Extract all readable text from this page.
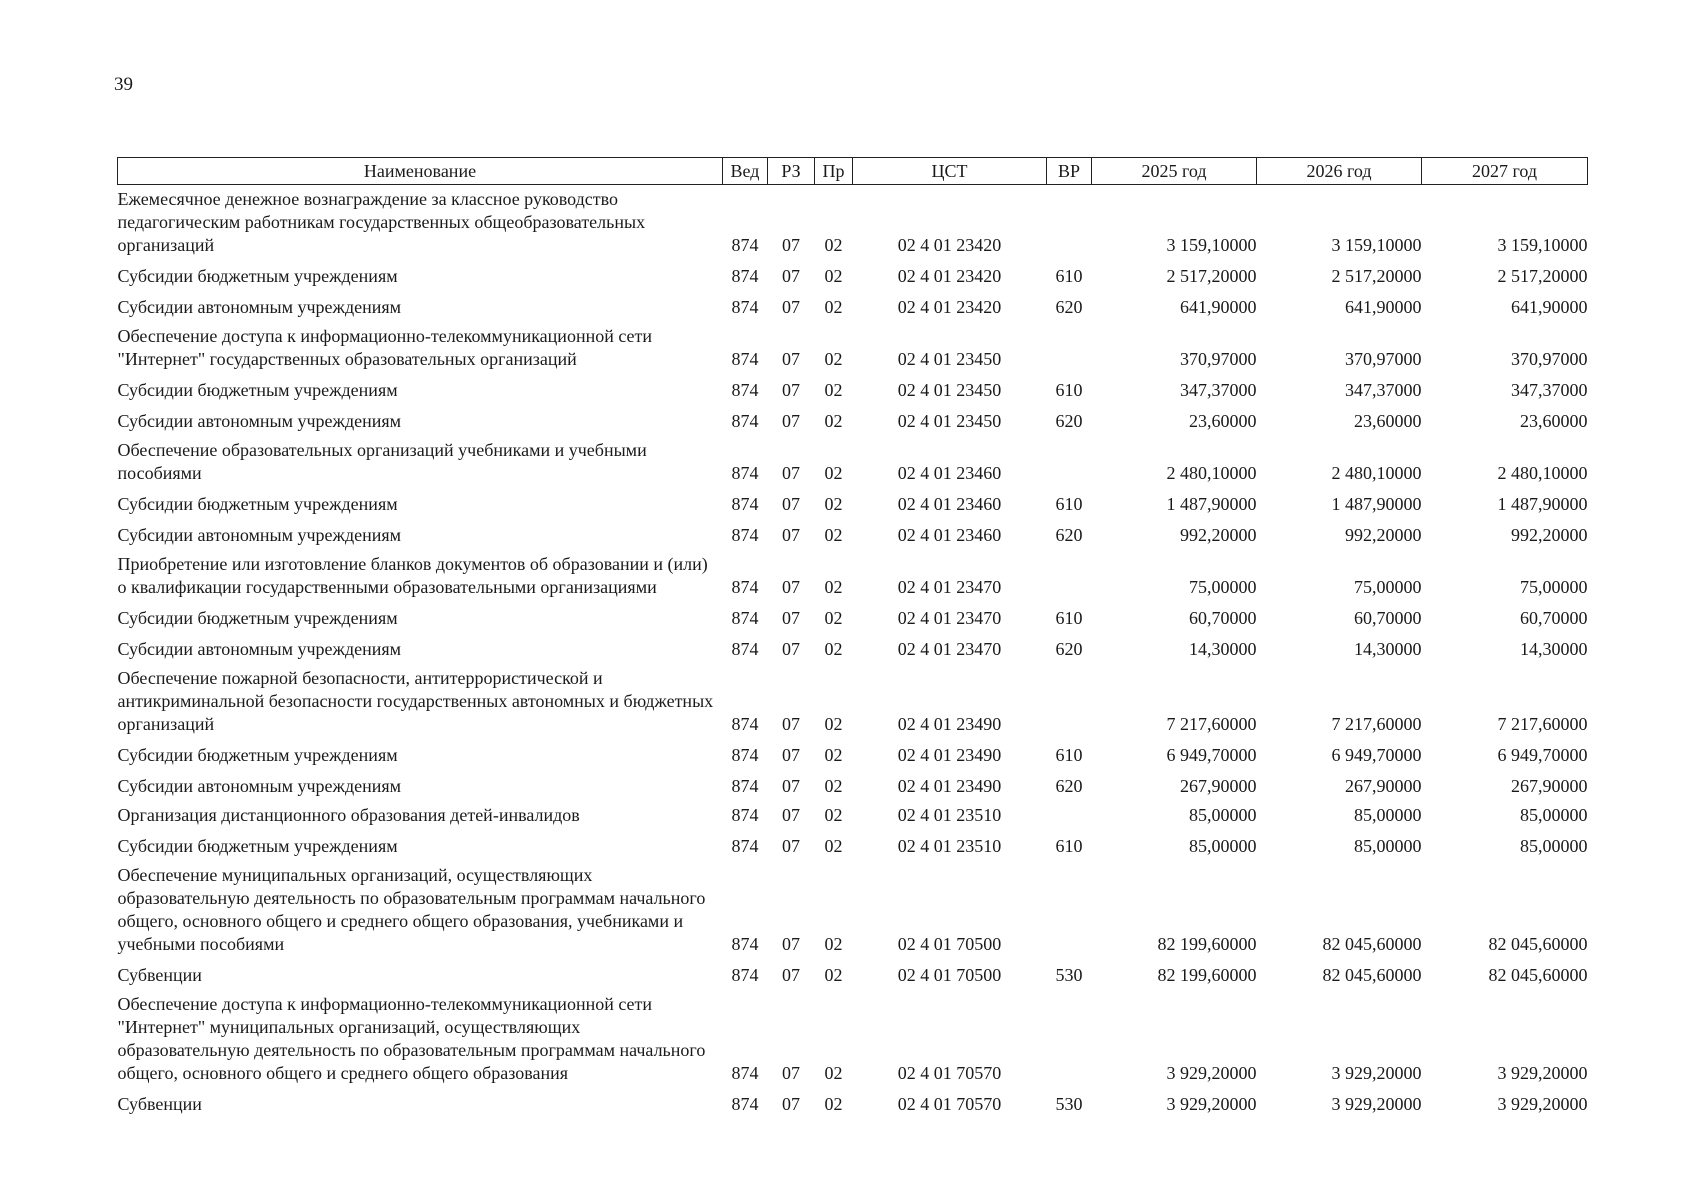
39
Наименование	Вед	РЗ	Пр	ЦСТ	ВР	2025 год	2026 год	2027 год
Ежемесячное денежное вознаграждение за классное руководство педагогическим работникам государственных общеобразовательных организаций	874	07	02	02 4 01 23420		3 159,10000	3 159,10000	3 159,10000
Субсидии бюджетным учреждениям	874	07	02	02 4 01 23420	610	2 517,20000	2 517,20000	2 517,20000
Субсидии автономным учреждениям	874	07	02	02 4 01 23420	620	641,90000	641,90000	641,90000
Обеспечение доступа к информационно-телекоммуникационной сети "Интернет" государственных образовательных организаций	874	07	02	02 4 01 23450		370,97000	370,97000	370,97000
Субсидии бюджетным учреждениям	874	07	02	02 4 01 23450	610	347,37000	347,37000	347,37000
Субсидии автономным учреждениям	874	07	02	02 4 01 23450	620	23,60000	23,60000	23,60000
Обеспечение образовательных организаций учебниками и учебными пособиями	874	07	02	02 4 01 23460		2 480,10000	2 480,10000	2 480,10000
Субсидии бюджетным учреждениям	874	07	02	02 4 01 23460	610	1 487,90000	1 487,90000	1 487,90000
Субсидии автономным учреждениям	874	07	02	02 4 01 23460	620	992,20000	992,20000	992,20000
Приобретение или изготовление бланков документов об образовании и (или) о квалификации государственными образовательными организациями	874	07	02	02 4 01 23470		75,00000	75,00000	75,00000
Субсидии бюджетным учреждениям	874	07	02	02 4 01 23470	610	60,70000	60,70000	60,70000
Субсидии автономным учреждениям	874	07	02	02 4 01 23470	620	14,30000	14,30000	14,30000
Обеспечение пожарной безопасности, антитеррористической и антикриминальной безопасности государственных автономных и бюджетных организаций	874	07	02	02 4 01 23490		7 217,60000	7 217,60000	7 217,60000
Субсидии бюджетным учреждениям	874	07	02	02 4 01 23490	610	6 949,70000	6 949,70000	6 949,70000
Субсидии автономным учреждениям	874	07	02	02 4 01 23490	620	267,90000	267,90000	267,90000
Организация дистанционного образования детей-инвалидов	874	07	02	02 4 01 23510		85,00000	85,00000	85,00000
Субсидии бюджетным учреждениям	874	07	02	02 4 01 23510	610	85,00000	85,00000	85,00000
Обеспечение муниципальных организаций, осуществляющих образовательную деятельность по образовательным программам начального общего, основного общего и среднего общего образования, учебниками и учебными пособиями	874	07	02	02 4 01 70500		82 199,60000	82 045,60000	82 045,60000
Субвенции	874	07	02	02 4 01 70500	530	82 199,60000	82 045,60000	82 045,60000
Обеспечение доступа к информационно-телекоммуникационной сети "Интернет" муниципальных организаций, осуществляющих образовательную деятельность по образовательным программам начального общего, основного общего и среднего общего образования	874	07	02	02 4 01 70570		3 929,20000	3 929,20000	3 929,20000
Субвенции	874	07	02	02 4 01 70570	530	3 929,20000	3 929,20000	3 929,20000
